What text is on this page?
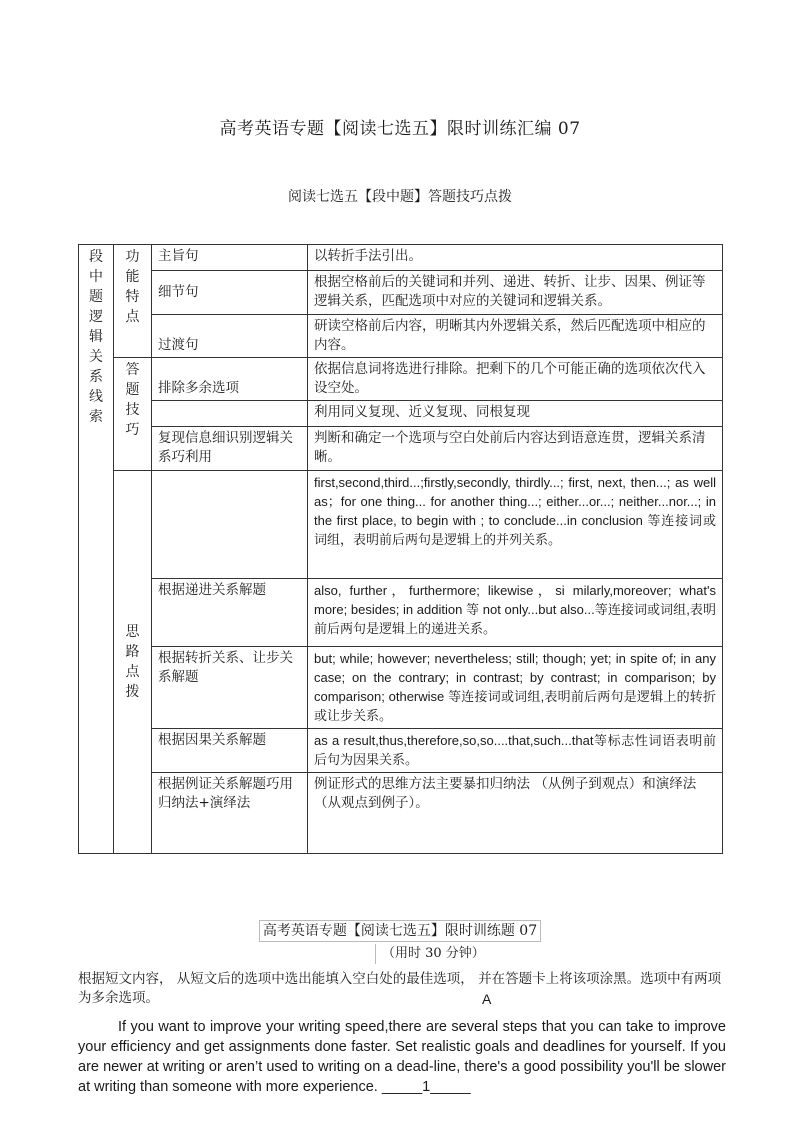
高考英语专题【阅读七选五】限时训练汇编 07
阅读七选五【段中题】答题技巧点拨
段中题逻辑关系线索	功能特点	主旨句	以转折手法引出。
		细节句	根据空格前后的关键词和并列、递进、转折、让步、因果、例证等逻辑关系，匹配选项中对应的关键词和逻辑关系。
		过渡句	研读空格前后内容，明晰其内外逻辑关系，然后匹配选项中相应的内容。

	答题技巧	排除多余选项	依据信息词将选进行排除。把剩下的几个可能正确的选项依次代入设空处。
			利用同义复现、近义复现、同根复现
		复现信息细识别逻辑关系巧利用	判断和确定一个选项与空白处前后内容达到语意连贯，逻辑关系清晰。

	思路点拨		first,second,third...;firstly,secondly, thirdly...; first, next, then...; as well as；for one thing... for another thing...; either...or...; neither...nor...; in the first place, to begin with ; to conclude...in conclusion 等连接词或词组，表明前后两句是逻辑上的并列关系。
		根据递进关系解题	also, further，furthermore; likewise，si milarly,moreover; what's more; besides; in addition 等 not only...but also...等连接词或词组,表明前后两句是逻辑上的递进关系。
		根据转折关系、让步关系解题	but; while; however; nevertheless; still; though; yet; in spite of; in any case; on the contrary; in contrast; by contrast; in comparison; by comparison; otherwise 等连接词或词组,表明前后两句是逻辑上的转折或让步关系。
		根据因果关系解题	as a result,thus,therefore,so,so....that,such...that等标志性词语表明前后句为因果关系。
		根据例证关系解题巧用归纳法+演绎法	例证形式的思维方法主要暴扣归纳法 （从例子到观点）和演绎法（从观点到例子）。
高考英语专题【阅读七选五】限时训练题 07
（用时 30 分钟）
根据短文内容， 从短文后的选项中选出能填入空白处的最佳选项， 并在答题卡上将该项涂黑。选项中有两项为多余选项。	A
If you want to improve your writing speed,there are several steps that you can take to improve your efficiency and get assignments done faster. Set realistic goals and deadlines for yourself. If you are newer at writing or aren’t used to writing on a dead-line, there's a good possibility you'll be slower at writing than someone with more experience. _____1_____
